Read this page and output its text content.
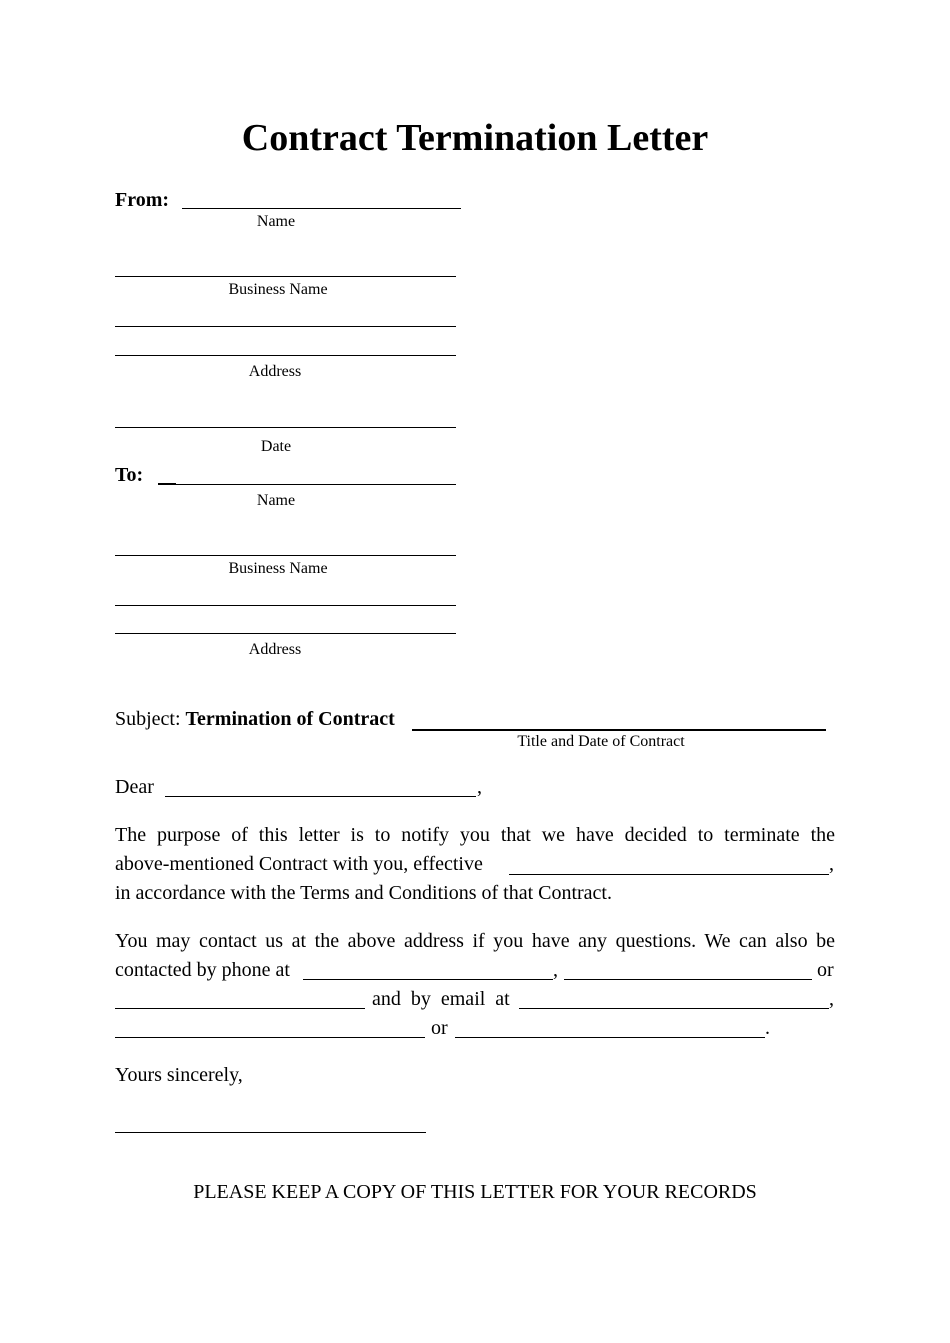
Contract Termination Letter
From:
Name
Business Name
Address
Date
To:
Name
Business Name
Address
Subject: Termination of Contract
Title and Date of Contract
Dear	,
The purpose of this letter is to notify you that we have decided to terminate the
above-mentioned Contract with you, effective	,
in accordance with the Terms and Conditions of that Contract.
You may contact us at the above address if you have any questions. We can also be
contacted by phone at	,	or
and by email at	,
or	.
Yours sincerely,
PLEASE KEEP A COPY OF THIS LETTER FOR YOUR RECORDS
